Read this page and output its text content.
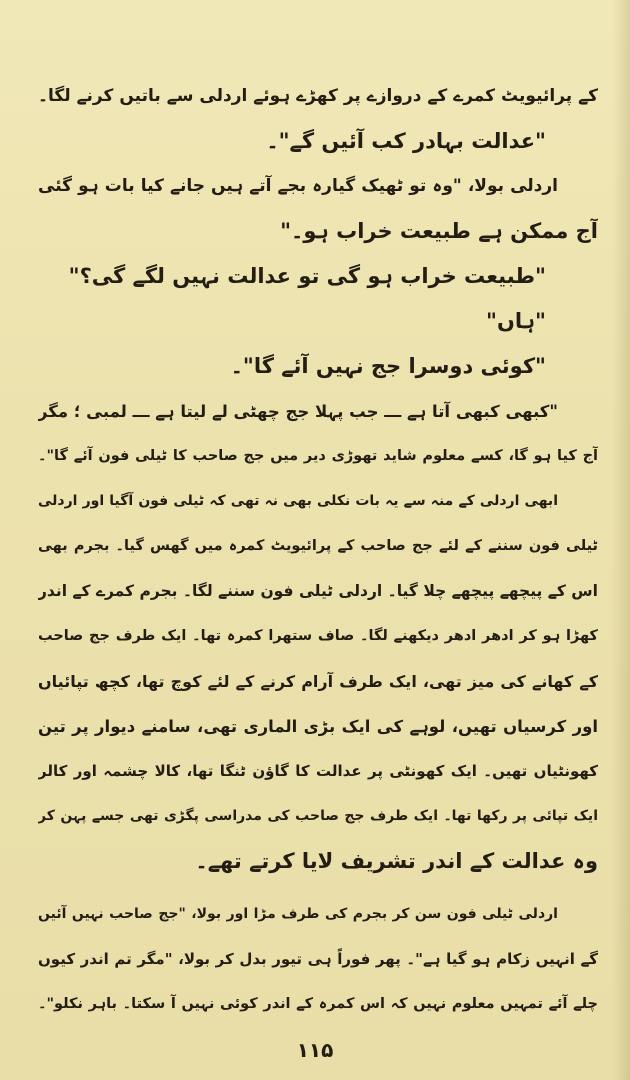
کے پرائیویٹ کمرے کے دروازے پر کھڑے ہوئے اردلی سے باتیں کرنے لگا۔
"عدالت بہادر کب آئیں گے"۔
اردلی بولا، "وہ تو ٹھیک گیارہ بجے آتے ہیں جانے کیا بات ہو گئی
آج ممکن ہے طبیعت خراب ہو۔"
"طبیعت خراب ہو گی تو عدالت نہیں لگے گی؟"
"ہاں"
"کوئی دوسرا جج نہیں آئے گا"۔
"کبھی کبھی آتا ہے ـــ جب پہلا جج چھٹی لے لیتا ہے ـــ لمبی ؛ مگر
آج کیا ہو گا، کسے معلوم شاید تھوڑی دیر میں جج صاحب کا ٹیلی فون آئے گا"۔
ابھی اردلی کے منہ سے یہ بات نکلی بھی نہ تھی کہ ٹیلی فون آگیا اور اردلی
ٹیلی فون سننے کے لئے جج صاحب کے پرائیویٹ کمرہ میں گھس گیا۔ بجرم بھی
اس کے پیچھے پیچھے چلا گیا۔ اردلی ٹیلی فون سننے لگا۔ بجرم کمرے کے اندر
کھڑا ہو کر ادھر ادھر دیکھنے لگا۔ صاف ستھرا کمرہ تھا۔ ایک طرف جج صاحب
کے کھانے کی میز تھی، ایک طرف آرام کرنے کے لئے کوچ تھا، کچھ تپائیاں
اور کرسیاں تھیں، لوہے کی ایک بڑی الماری تھی، سامنے دیوار پر تین
کھونٹیاں تھیں۔ ایک کھونٹی پر عدالت کا گاؤن ٹنگا تھا، کالا چشمہ اور کالر
ایک تپائی پر رکھا تھا۔ ایک طرف جج صاحب کی مدراسی پگڑی تھی جسے پہن کر
وہ عدالت کے اندر تشریف لایا کرتے تھے۔
اردلی ٹیلی فون سن کر بجرم کی طرف مڑا اور بولا، "جج صاحب نہیں آئیں
گے انہیں زکام ہو گیا ہے"۔ پھر فوراً ہی تیور بدل کر بولا، "مگر تم اندر کیوں
چلے آئے تمہیں معلوم نہیں کہ اس کمرہ کے اندر کوئی نہیں آ سکتا۔ باہر نکلو"۔
۱۱۵
